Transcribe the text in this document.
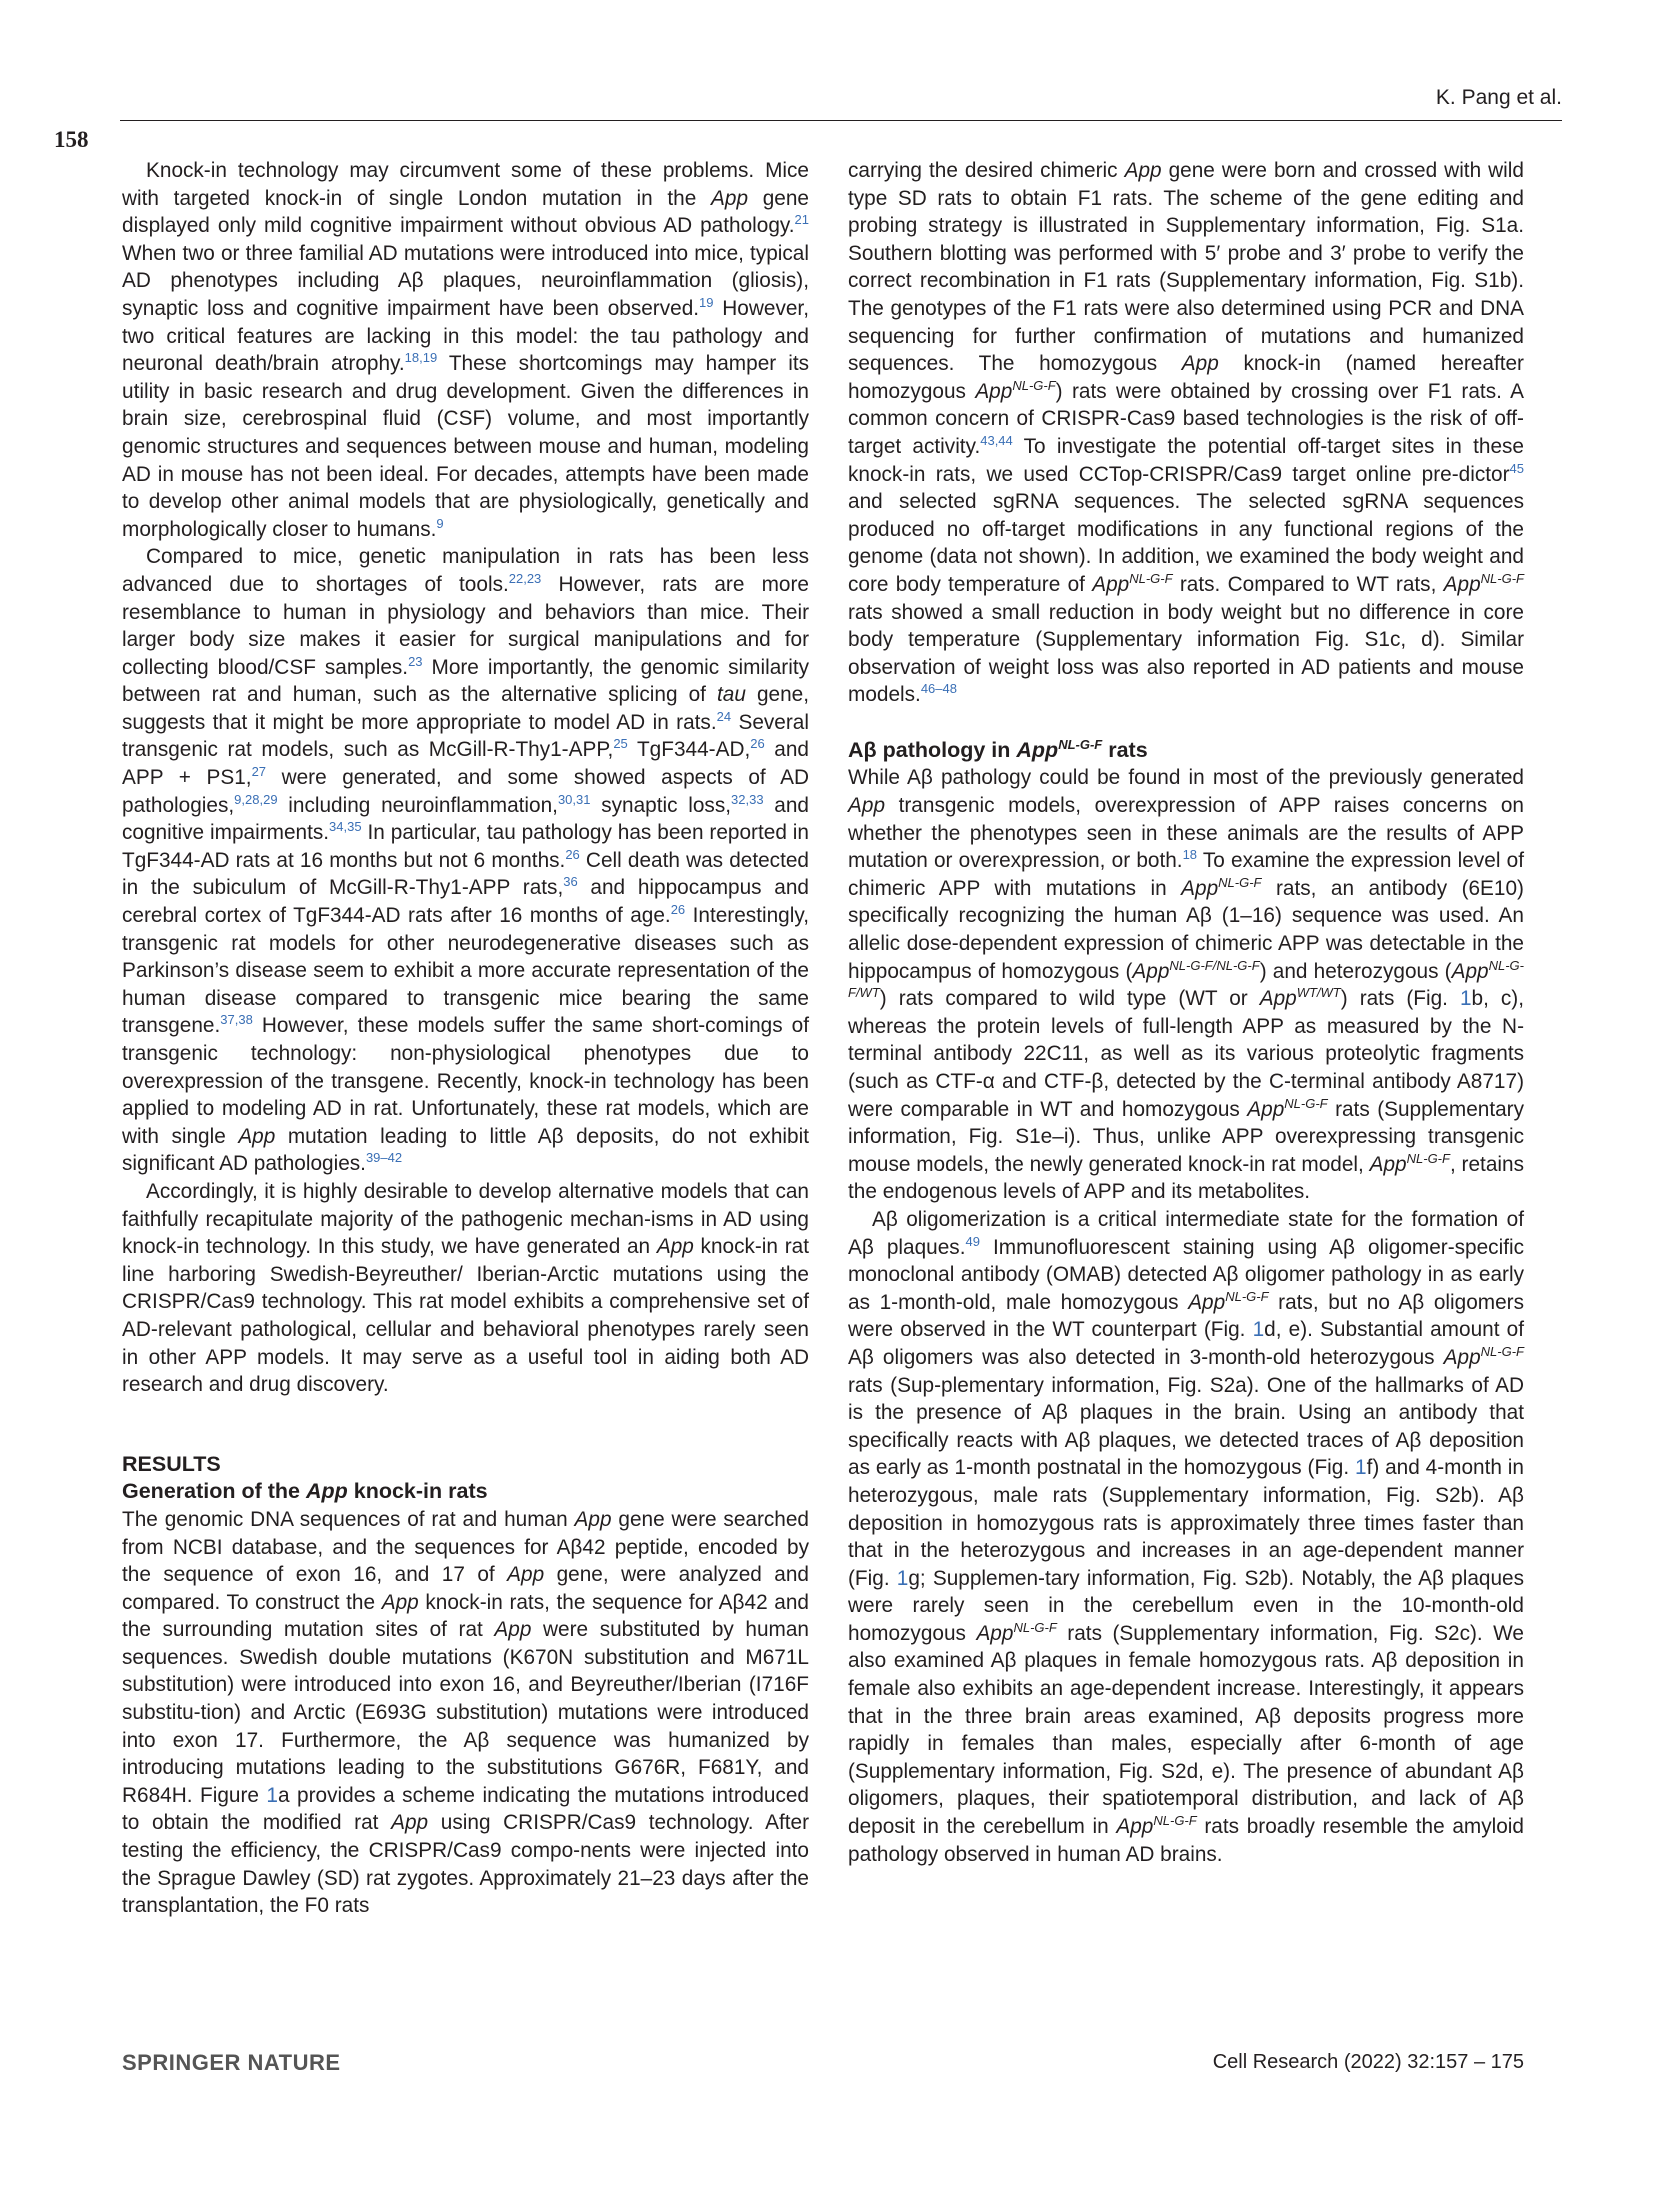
K. Pang et al.
158

Knock-in technology may circumvent some of these problems. Mice with targeted knock-in of single London mutation in the App gene displayed only mild cognitive impairment without obvious AD pathology.$^{21}$ When two or three familial AD mutations were introduced into mice, typical AD phenotypes including Aβ plaques, neuroinflammation (gliosis), synaptic loss and cognitive impairment have been observed.$^{19}$ However, two critical features are lacking in this model: the tau pathology and neuronal death/brain atrophy.$^{18,19}$ These shortcomings may hamper its utility in basic research and drug development. Given the differences in brain size, cerebrospinal fluid (CSF) volume, and most importantly genomic structures and sequences between mouse and human, modeling AD in mouse has not been ideal. For decades, attempts have been made to develop other animal models that are physiologically, genetically and morphologically closer to humans.$^9$

Compared to mice, genetic manipulation in rats has been less advanced due to shortages of tools.$^{22,23}$ However, rats are more resemblance to human in physiology and behaviors than mice. Their larger body size makes it easier for surgical manipulations and for collecting blood/CSF samples.$^{23}$ More importantly, the genomic similarity between rat and human, such as the alternative splicing of tau gene, suggests that it might be more appropriate to model AD in rats.$^{24}$ Several transgenic rat models, such as McGill-R-Thy1-APP,$^{25}$ TgF344-AD,$^{26}$ and APP + PS1,27 were generated, and some showed aspects of AD pathologies,$^{9,28,29}$ including neuroinflammation,$^{30,31}$ synaptic loss,$^{32,33}$ and cognitive impairments.$^{34,35}$ In particular, tau pathology has been reported in TgF344-AD rats at 16 months but not 6 months.$^{26}$ Cell death was detected in the subiculum of McGill-R-Thy1-APP rats,$^{36}$ and hippocampus and cerebral cortex of TgF344-AD rats after 16 months of age.$^{26}$ Interestingly, transgenic rat models for other neurodegenerative diseases such as Parkinson’s disease seem to exhibit a more accurate representation of the human disease compared to transgenic mice bearing the same transgene.$^{37,38}$ However, these models suffer the same short-comings of transgenic technology: non-physiological phenotypes due to overexpression of the transgene. Recently, knock-in technology has been applied to modeling AD in rat. Unfortunately, these rat models, which are with single App mutation leading to little Aβ deposits, do not exhibit significant AD pathologies.$^{39-42}$

Accordingly, it is highly desirable to develop alternative models that can faithfully recapitulate majority of the pathogenic mechan-isms in AD using knock-in technology. In this study, we have generated an App knock-in rat line harboring Swedish-Beyreuther/ Iberian-Arctic mutations using the CRISPR/Cas9 technology. This rat model exhibits a comprehensive set of AD-relevant pathological, cellular and behavioral phenotypes rarely seen in other APP models. It may serve as a useful tool in aiding both AD research and drug discovery.

RESULTS
Generation of the App knock-in rats

The genomic DNA sequences of rat and human App gene were searched from NCBI database, and the sequences for Aβ42 peptide, encoded by the sequence of exon 16, and 17 of App gene, were analyzed and compared. To construct the App knock-in rats, the sequence for Aβ42 and the surrounding mutation sites of rat App were substituted by human sequences. Swedish double mutations (K670N substitution and M671L substitution) were introduced into exon 16, and Beyreuther/Iberian (I716F substitu-tion) and Arctic (E693G substitution) mutations were introduced into exon 17. Furthermore, the Aβ sequence was humanized by introducing mutations leading to the substitutions G676R, F681Y, and R684H. Figure 1a provides a scheme indicating the mutations introduced to obtain the modified rat App using CRISPR/Cas9 technology. After testing the efficiency, the CRISPR/Cas9 compo-nents were injected into the Sprague Dawley (SD) rat zygotes. Approximately 21–23 days after the transplantation, the F0 rats

carrying the desired chimeric App gene were born and crossed with wild type SD rats to obtain F1 rats. The scheme of the gene editing and probing strategy is illustrated in Supplementary information, Fig. S1a. Southern blotting was performed with 5′ probe and 3′ probe to verify the correct recombination in F1 rats (Supplementary information, Fig. S1b). The genotypes of the F1 rats were also determined using PCR and DNA sequencing for further confirmation of mutations and humanized sequences. The homozygous App knock-in (named hereafter homozygous App$^{NL-G-F}$) rats were obtained by crossing over F1 rats. A common concern of CRISPR-Cas9 based technologies is the risk of off-target activity.$^{43,44}$ To investigate the potential off-target sites in these knock-in rats, we used CCTop-CRISPR/Cas9 target online pre-dictor$^{45}$ and selected sgRNA sequences. The selected sgRNA sequences produced no off-target modifications in any functional regions of the genome (data not shown). In addition, we examined the body weight and core body temperature of App$^{NL-G-F}$ rats. Compared to WT rats, App$^{NL-G-F}$ rats showed a small reduction in body weight but no difference in core body temperature (Supplementary information Fig. S1c, d). Similar observation of weight loss was also reported in AD patients and mouse models.$^{46-48}$

Aβ pathology in App$^{NL-G-F}$ rats

While Aβ pathology could be found in most of the previously generated App transgenic models, overexpression of APP raises concerns on whether the phenotypes seen in these animals are the results of APP mutation or overexpression, or both.$^{18}$ To examine the expression level of chimeric APP with mutations in App$^{NL-G-F}$ rats, an antibody (6E10) specifically recognizing the human Aβ (1–16) sequence was used. An allelic dose-dependent expression of chimeric APP was detectable in the hippocampus of homozygous (App$^{NL-G-F/NL-G-F}$) and heterozygous (App$^{NL-G-F/WT}$) rats compared to wild type (WT or App$^{WT/WT}$) rats (Fig. 1b, c), whereas the protein levels of full-length APP as measured by the N-terminal antibody 22C11, as well as its various proteolytic fragments (such as CTF-α and CTF-β, detected by the C-terminal antibody A8717) were comparable in WT and homozygous App$^{NL-G-F}$ rats (Supplementary information, Fig. S1e–i). Thus, unlike APP overexpressing transgenic mouse models, the newly generated knock-in rat model, App$^{NL-G-F}$, retains the endogenous levels of APP and its metabolites.

Aβ oligomerization is a critical intermediate state for the formation of Aβ plaques.$^{49}$ Immunofluorescent staining using Aβ oligomer-specific monoclonal antibody (OMAB) detected Aβ oligomer pathology in as early as 1-month-old, male homozygous App$^{NL-G-F}$ rats, but no Aβ oligomers were observed in the WT counterpart (Fig. 1d, e). Substantial amount of Aβ oligomers was also detected in 3-month-old heterozygous App$^{NL-G-F}$ rats (Sup-plementary information, Fig. S2a). One of the hallmarks of AD is the presence of Aβ plaques in the brain. Using an antibody that specifically reacts with Aβ plaques, we detected traces of Aβ deposition as early as 1-month postnatal in the homozygous (Fig. 1f) and 4-month in heterozygous, male rats (Supplementary information, Fig. S2b). Aβ deposition in homozygous rats is approximately three times faster than that in the heterozygous and increases in an age-dependent manner (Fig. 1g; Supplemen-tary information, Fig. S2b). Notably, the Aβ plaques were rarely seen in the cerebellum even in the 10-month-old homozygous App$^{NL-G-F}$ rats (Supplementary information, Fig. S2c). We also examined Aβ plaques in female homozygous rats. Aβ deposition in female also exhibits an age-dependent increase. Interestingly, it appears that in the three brain areas examined, Aβ deposits progress more rapidly in females than males, especially after 6-month of age (Supplementary information, Fig. S2d, e). The presence of abundant Aβ oligomers, plaques, their spatiotemporal distribution, and lack of Aβ deposit in the cerebellum in App$^{NL-G-F}$ rats broadly resemble the amyloid pathology observed in human AD brains.

SPRINGER NATURE	Cell Research (2022) 32:157 – 175
